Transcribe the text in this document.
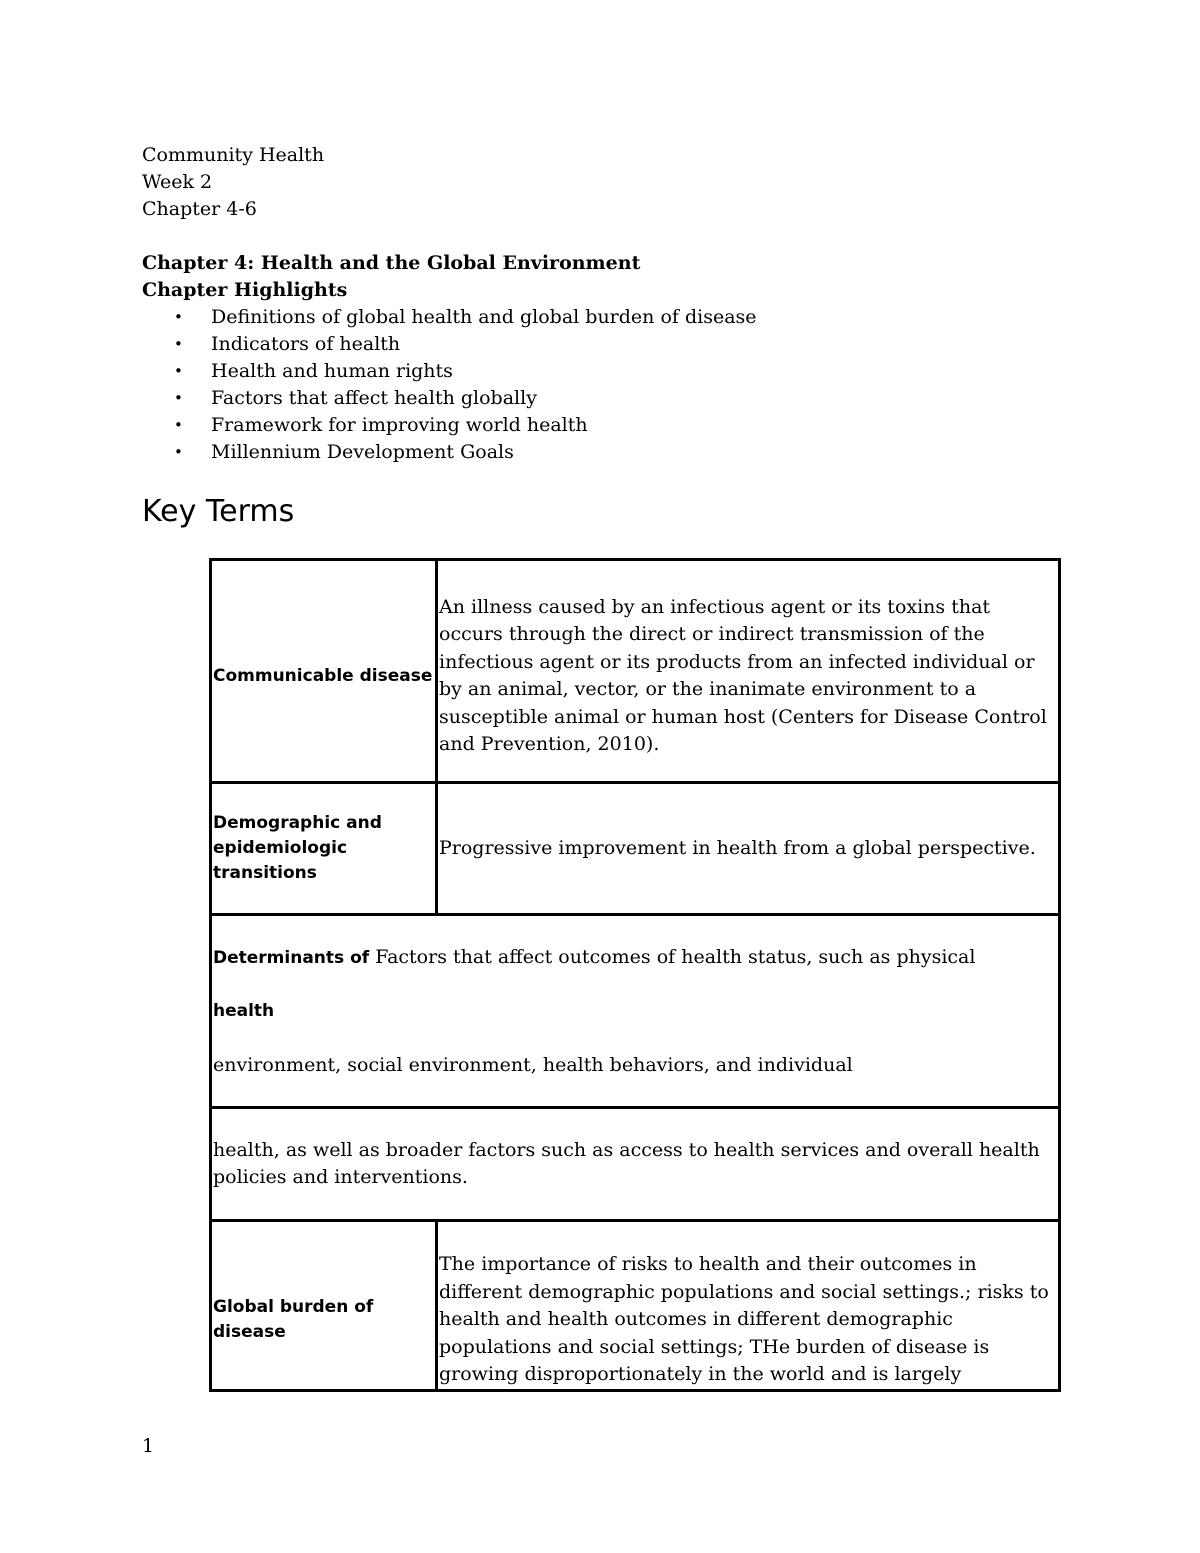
Community Health
Week 2
Chapter 4-6
Chapter 4: Health and the Global Environment
Chapter Highlights
• Definitions of global health and global burden of disease
• Indicators of health
• Health and human rights
• Factors that affect health globally
• Framework for improving world health
• Millennium Development Goals
Key Terms
Communicable disease	An illness caused by an infectious agent or its toxins that occurs through the direct or indirect transmission of the infectious agent or its products from an infected individual or by an animal, vector, or the inanimate environment to a susceptible animal or human host (Centers for Disease Control and Prevention, 2010).

Demographic and epidemiologic transitions	Progressive improvement in health from a global perspective.

Determinants of Factors that affect outcomes of health status, such as physical
health
environment, social environment, health behaviors, and individual	

health, as well as broader factors such as access to health services and overall health policies and interventions.	

Global burden of disease	The importance of risks to health and their outcomes in different demographic populations and social settings.; risks to health and health outcomes in different demographic populations and social settings; THe burden of disease is growing disproportionately in the world and is largely
1
